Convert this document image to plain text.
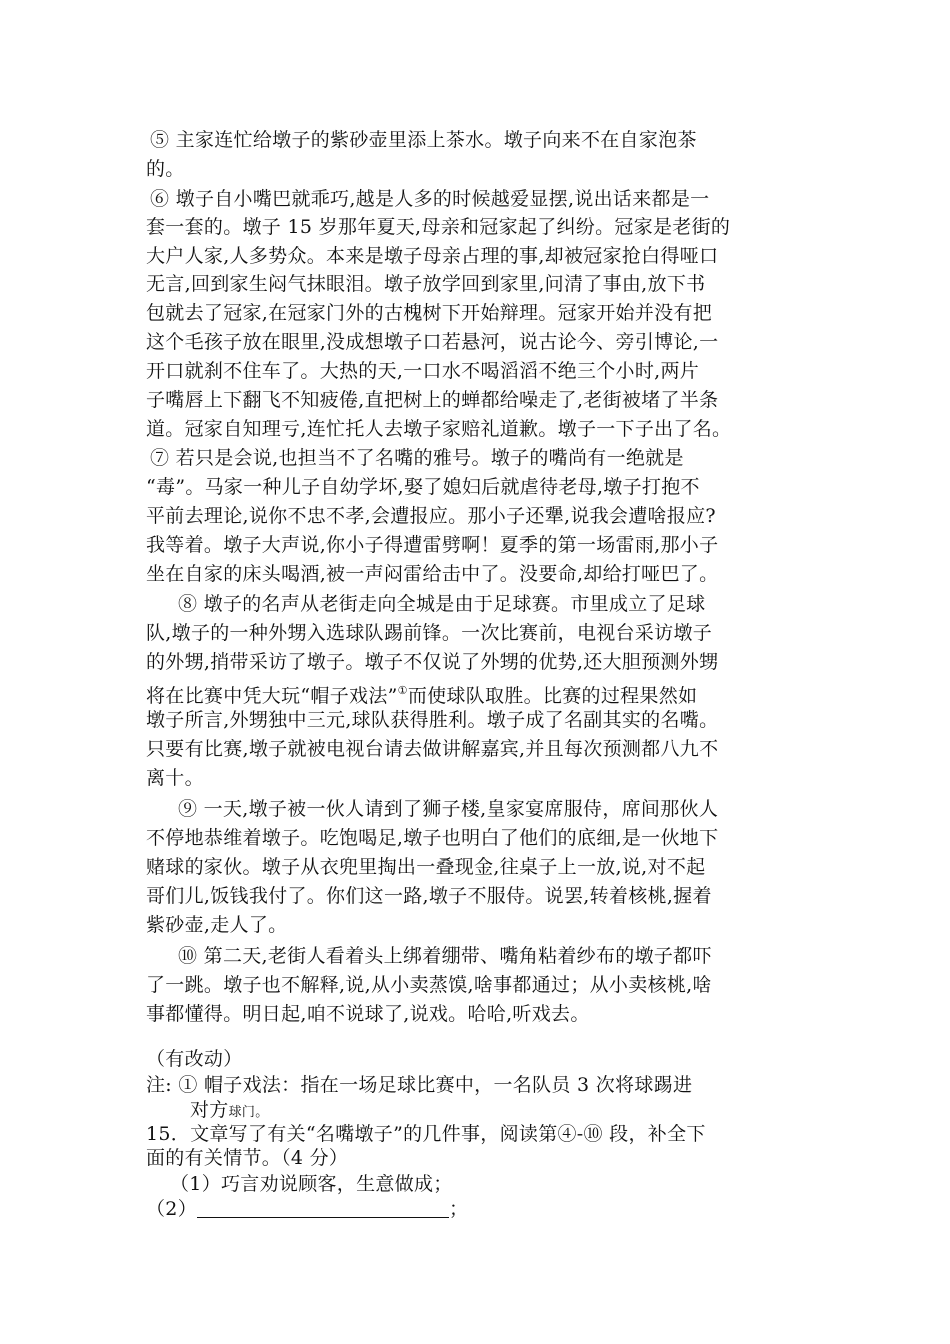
⑤ 主家连忙给墩子的紫砂壶里添上茶水。墩子向来不在自家泡茶
的。
⑥ 墩子自小嘴巴就乖巧,越是人多的时候越爱显摆,说出话来都是一
套一套的。墩子 15 岁那年夏天,母亲和冠家起了纠纷。冠家是老街的
大户人家,人多势众。本来是墩子母亲占理的事,却被冠家抢白得哑口
无言,回到家生闷气抹眼泪。墩子放学回到家里,问清了事由,放下书
包就去了冠家,在冠家门外的古槐树下开始辩理。冠家开始并没有把
这个毛孩子放在眼里,没成想墩子口若悬河，说古论今、旁引博论,一
开口就刹不住车了。大热的天,一口水不喝滔滔不绝三个小时,两片
子嘴唇上下翻飞不知疲倦,直把树上的蝉都给噪走了,老街被堵了半条
道。冠家自知理亏,连忙托人去墩子家赔礼道歉。墩子一下子出了名。
⑦ 若只是会说,也担当不了名嘴的雅号。墩子的嘴尚有一绝就是
“毒”。马家一种儿子自幼学坏,娶了媳妇后就虐待老母,墩子打抱不
平前去理论,说你不忠不孝,会遭报应。那小子还犟,说我会遭啥报应?
我等着。墩子大声说,你小子得遭雷劈啊！夏季的第一场雷雨,那小子
坐在自家的床头喝酒,被一声闷雷给击中了。没要命,却给打哑巴了。
⑧ 墩子的名声从老街走向全城是由于足球赛。市里成立了足球
队,墩子的一种外甥入选球队踢前锋。一次比赛前，电视台采访墩子
的外甥,捎带采访了墩子。墩子不仅说了外甥的优势,还大胆预测外甥
将在比赛中凭大玩“帽子戏法”①而使球队取胜。比赛的过程果然如
墩子所言,外甥独中三元,球队获得胜利。墩子成了名副其实的名嘴。
只要有比赛,墩子就被电视台请去做讲解嘉宾,并且每次预测都八九不
离十。
⑨ 一天,墩子被一伙人请到了狮子楼,皇家宴席服侍，席间那伙人
不停地恭维着墩子。吃饱喝足,墩子也明白了他们的底细,是一伙地下
赌球的家伙。墩子从衣兜里掏出一叠现金,往桌子上一放,说,对不起
哥们儿,饭钱我付了。你们这一路,墩子不服侍。说罢,转着核桃,握着
紫砂壶,走人了。
⑩ 第二天,老街人看着头上绑着绷带、嘴角粘着纱布的墩子都吓
了一跳。墩子也不解释,说,从小卖蒸馍,啥事都通过；从小卖核桃,啥
事都懂得。明日起,咱不说球了,说戏。哈哈,听戏去。
（有改动）
注: ① 帽子戏法：指在一场足球比赛中，一名队员 3 次将球踢进
对方球门。
15．文章写了有关“名嘴墩子”的几件事，阅读第④-⑩ 段，补全下
面的有关情节。（4 分）
（1）巧言劝说顾客，生意做成；
（2）	；
